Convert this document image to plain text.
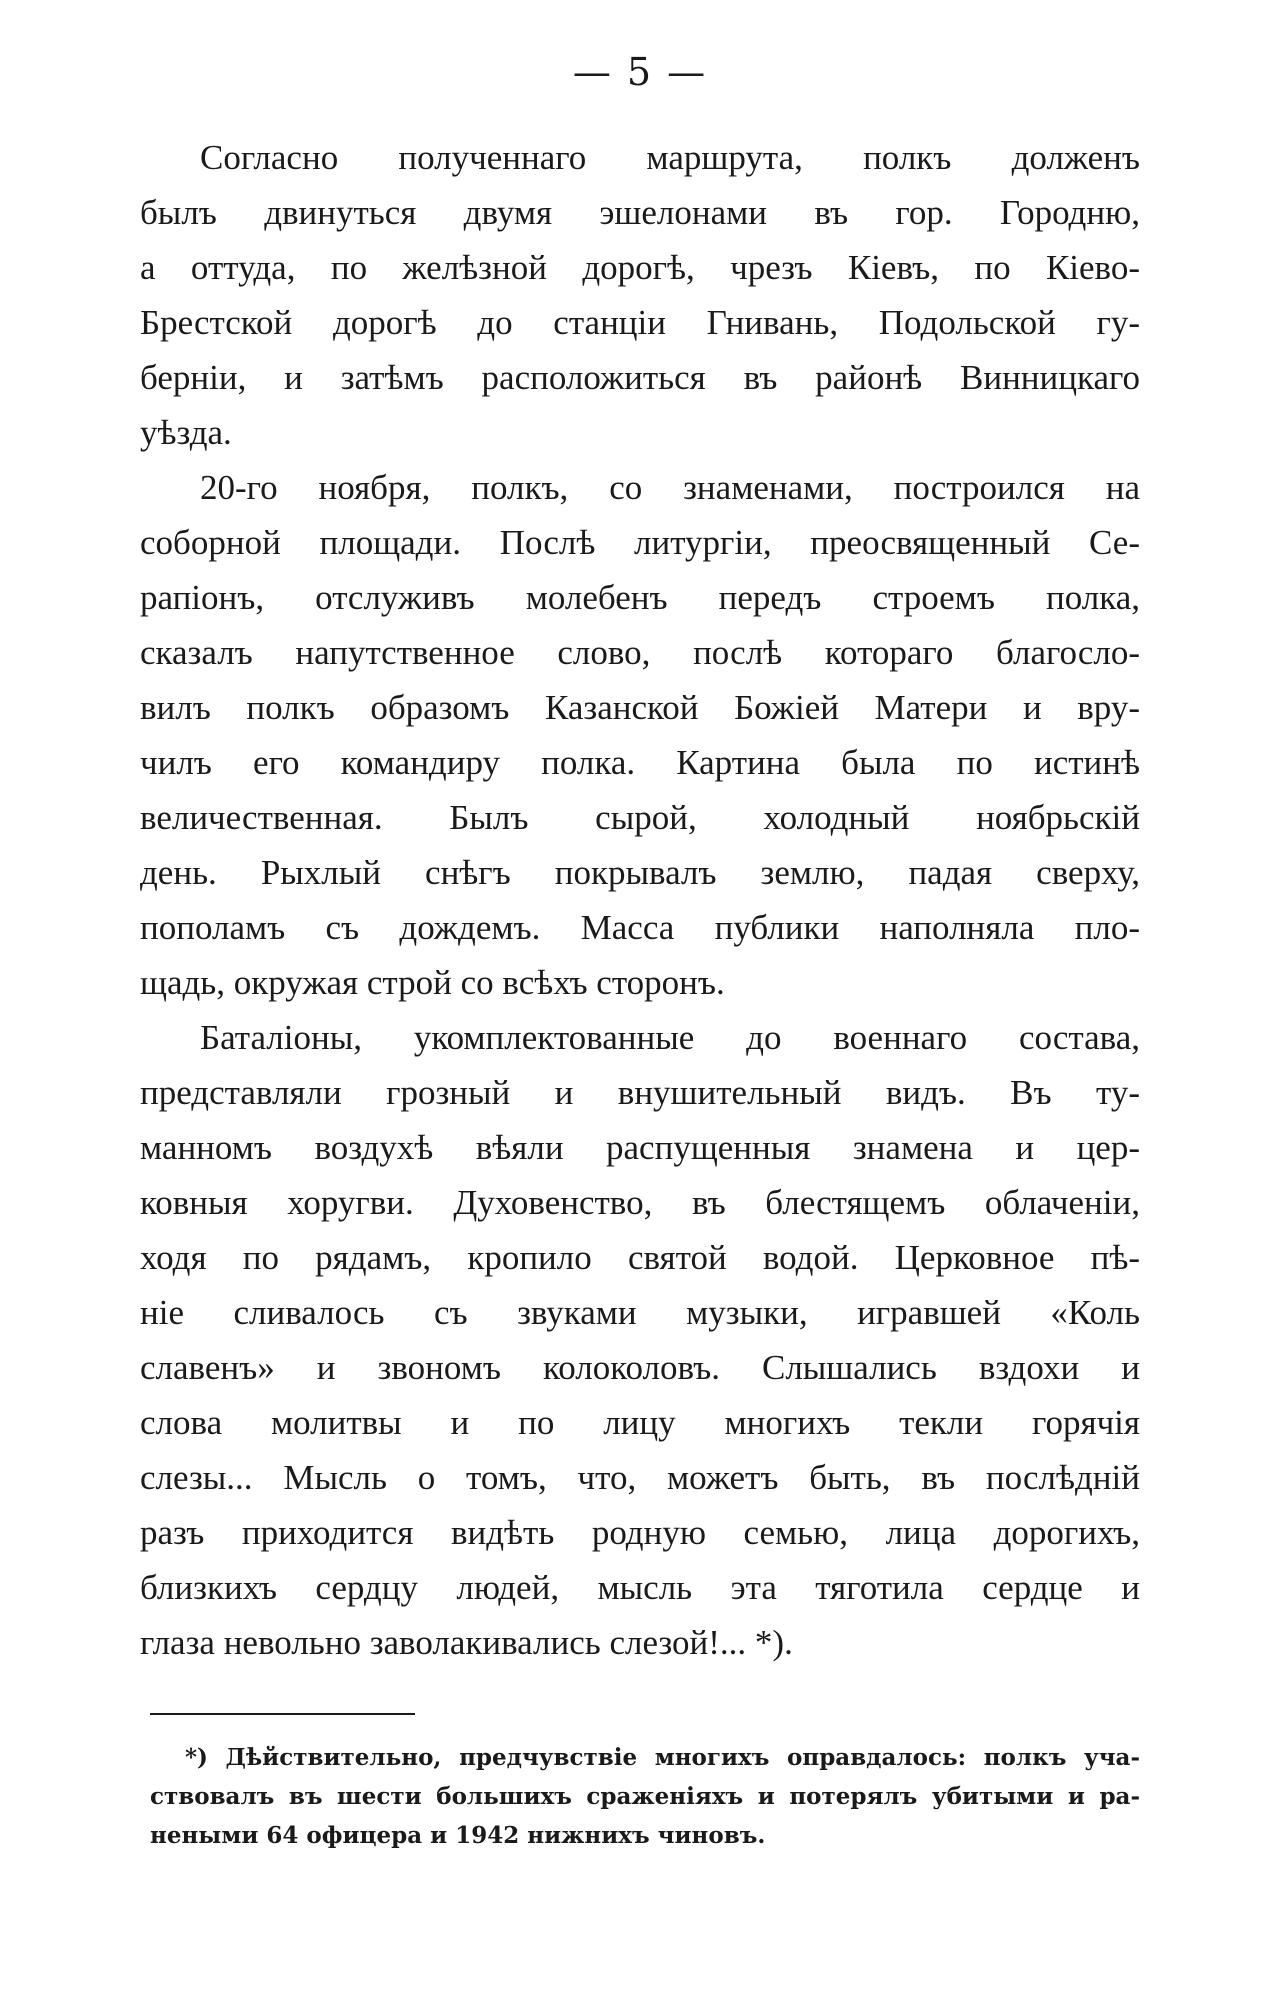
— 5 —

Согласно полученнаго маршрута, полкъ долженъ
былъ двинуться двумя эшелонами въ гор. Городню,
а оттуда, по желѣзной дорогѣ, чрезъ Кіевъ, по Кіево-
Брестской дорогѣ до станціи Гнивань, Подольской гу-
берніи, и затѣмъ расположиться въ районѣ Винницкаго
уѣзда.

20-го ноября, полкъ, со знаменами, построился на
соборной площади. Послѣ литургіи, преосвященный Се-
рапіонъ, отслуживъ молебенъ передъ строемъ полка,
сказалъ напутственное слово, послѣ котораго благосло-
вилъ полкъ образомъ Казанской Божіей Матери и вру-
чилъ его командиру полка. Картина была по истинѣ
величественная. Былъ сырой, холодный ноябрьскій
день. Рыхлый снѣгъ покрывалъ землю, падая сверху,
пополамъ съ дождемъ. Масса публики наполняла пло-
щадь, окружая строй со всѣхъ сторонъ.

Баталіоны, укомплектованные до военнаго состава,
представляли грозный и внушительный видъ. Въ ту-
манномъ воздухѣ вѣяли распущенныя знамена и цер-
ковныя хоругви. Духовенство, въ блестящемъ облаченіи,
ходя по рядамъ, кропило святой водой. Церковное пѣ-
ніе сливалось съ звуками музыки, игравшей «Коль
славенъ» и звономъ колоколовъ. Слышались вздохи и
слова молитвы и по лицу многихъ текли горячія
слезы... Мысль о томъ, что, можетъ быть, въ послѣдній
разъ приходится видѣть родную семью, лица дорогихъ,
близкихъ сердцу людей, мысль эта тяготила сердце и
глаза невольно заволакивались слезой!... *).

*) Дѣйствительно, предчувствіе многихъ оправдалось: полкъ уча-
ствовалъ въ шести большихъ сраженіяхъ и потерялъ убитыми и ра-
неными 64 офицера и 1942 нижнихъ чиновъ.
